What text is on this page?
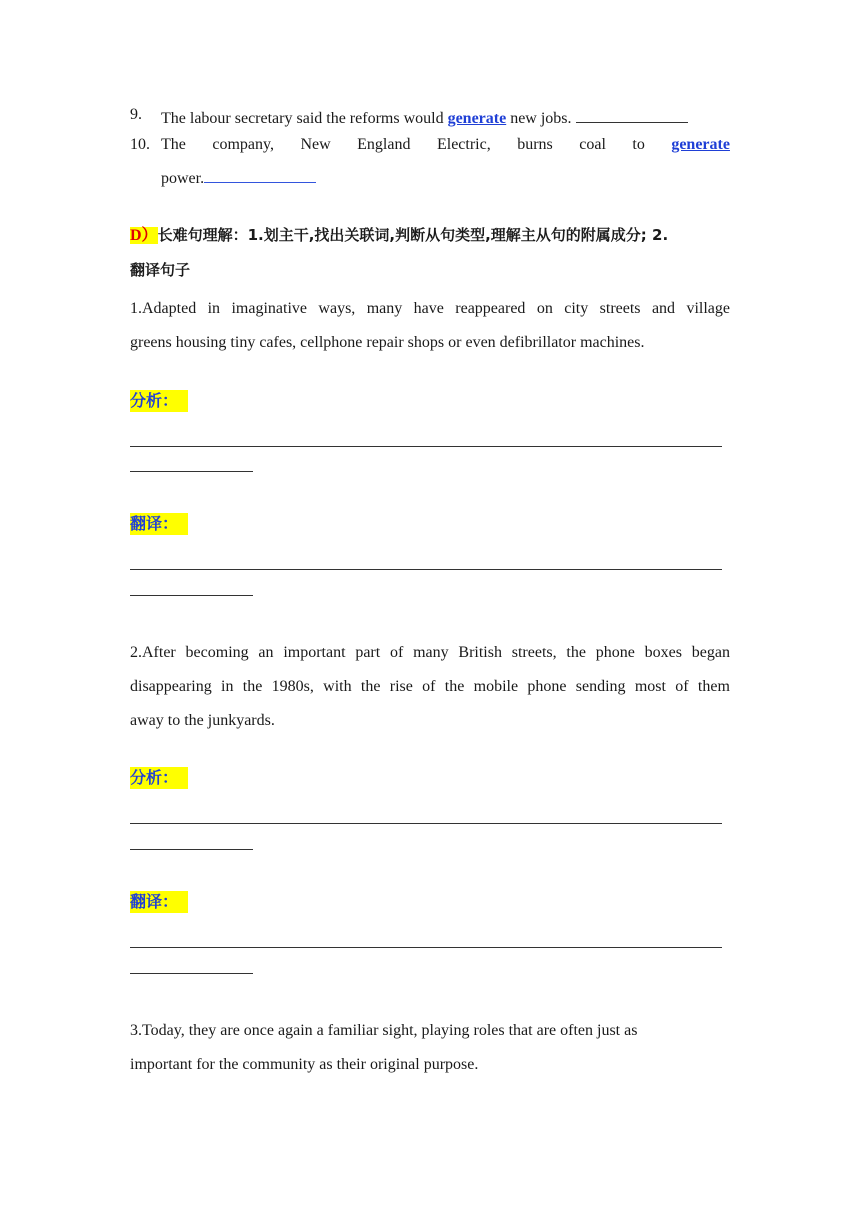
9. The labour secretary said the reforms would generate new jobs.
10. The company, New England Electric, burns coal to generate
power.
D）长难句理解：1.划主干,找出关联词,判断从句类型,理解主从句的附属成分; 2.
翻译句子
1.Adapted in imaginative ways, many have reappeared on city streets and village
greens housing tiny cafes, cellphone repair shops or even defibrillator machines.
分析：
翻译：
2.After becoming an important part of many British streets, the phone boxes began
disappearing in the 1980s, with the rise of the mobile phone sending most of them
away to the junkyards.
分析：
翻译：
3.Today, they are once again a familiar sight, playing roles that are often just as
important for the community as their original purpose.
